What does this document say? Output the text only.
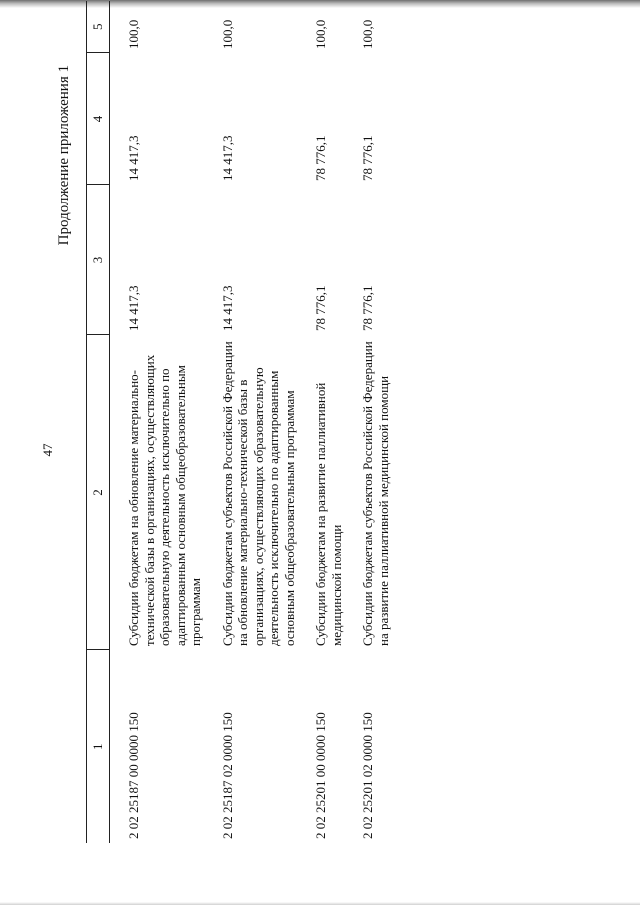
47
Продолжение приложения 1
1	2	3	4	5
2 02 25187 00 0000 150	Субсидии бюджетам на обновление материально-технической базы в организациях, осуществляющих образовательную деятельность исключительно по адаптированным основным общеобразовательным программам	14 417,3	14 417,3	100,0
2 02 25187 02 0000 150	Субсидии бюджетам субъектов Российской Федерации на обновление материально-технической базы в организациях, осуществляющих образовательную деятельность исключительно по адаптированным основным общеобразовательным программам	14 417,3	14 417,3	100,0
2 02 25201 00 0000 150	Субсидии бюджетам на развитие паллиативной медицинской помощи	78 776,1	78 776,1	100,0
2 02 25201 02 0000 150	Субсидии бюджетам субъектов Российской Федерации на развитие паллиативной медицинской помощи	78 776,1	78 776,1	100,0
